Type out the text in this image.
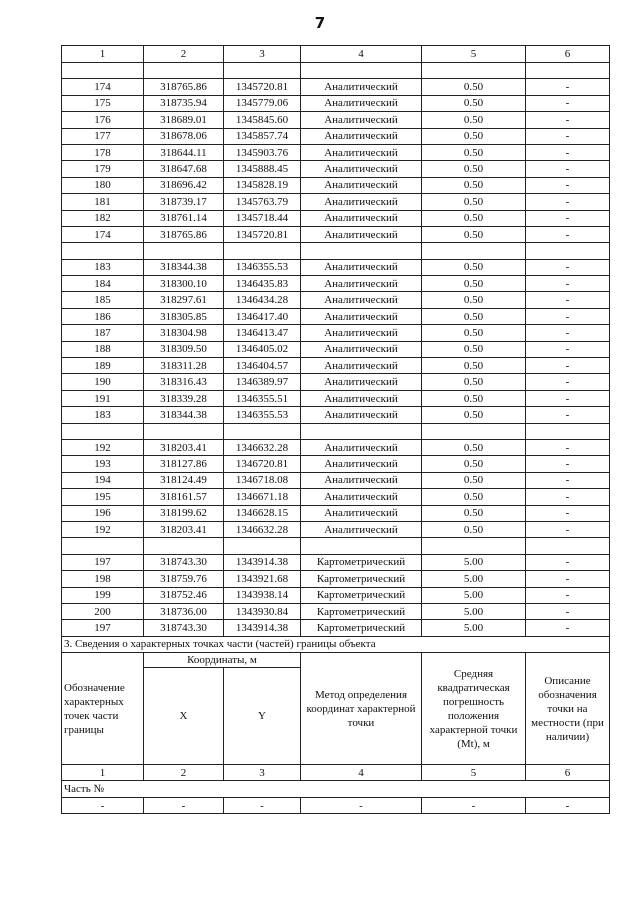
7
1	2	3	4	5	6

174	318765.86	1345720.81	Аналитический	0.50	-
175	318735.94	1345779.06	Аналитический	0.50	-
176	318689.01	1345845.60	Аналитический	0.50	-
177	318678.06	1345857.74	Аналитический	0.50	-
178	318644.11	1345903.76	Аналитический	0.50	-
179	318647.68	1345888.45	Аналитический	0.50	-
180	318696.42	1345828.19	Аналитический	0.50	-
181	318739.17	1345763.79	Аналитический	0.50	-
182	318761.14	1345718.44	Аналитический	0.50	-
174	318765.86	1345720.81	Аналитический	0.50	-

183	318344.38	1346355.53	Аналитический	0.50	-
184	318300.10	1346435.83	Аналитический	0.50	-
185	318297.61	1346434.28	Аналитический	0.50	-
186	318305.85	1346417.40	Аналитический	0.50	-
187	318304.98	1346413.47	Аналитический	0.50	-
188	318309.50	1346405.02	Аналитический	0.50	-
189	318311.28	1346404.57	Аналитический	0.50	-
190	318316.43	1346389.97	Аналитический	0.50	-
191	318339.28	1346355.51	Аналитический	0.50	-
183	318344.38	1346355.53	Аналитический	0.50	-

192	318203.41	1346632.28	Аналитический	0.50	-
193	318127.86	1346720.81	Аналитический	0.50	-
194	318124.49	1346718.08	Аналитический	0.50	-
195	318161.57	1346671.18	Аналитический	0.50	-
196	318199.62	1346628.15	Аналитический	0.50	-
192	318203.41	1346632.28	Аналитический	0.50	-

197	318743.30	1343914.38	Картометрический	5.00	-
198	318759.76	1343921.68	Картометрический	5.00	-
199	318752.46	1343938.14	Картометрический	5.00	-
200	318736.00	1343930.84	Картометрический	5.00	-
197	318743.30	1343914.38	Картометрический	5.00	-
3. Сведения о характерных точках части (частей) границы объекта					
Обозначение характерных точек части границы	Координаты, м		Метод определения координат характерной точки	Средняя квадратическая погрешность положения характерной точки (Mt), м	Описание обозначения точки на местности (при наличии)
	X	Y			
1	2	3	4	5	6
Часть №					
-	-	-	-	-	-
